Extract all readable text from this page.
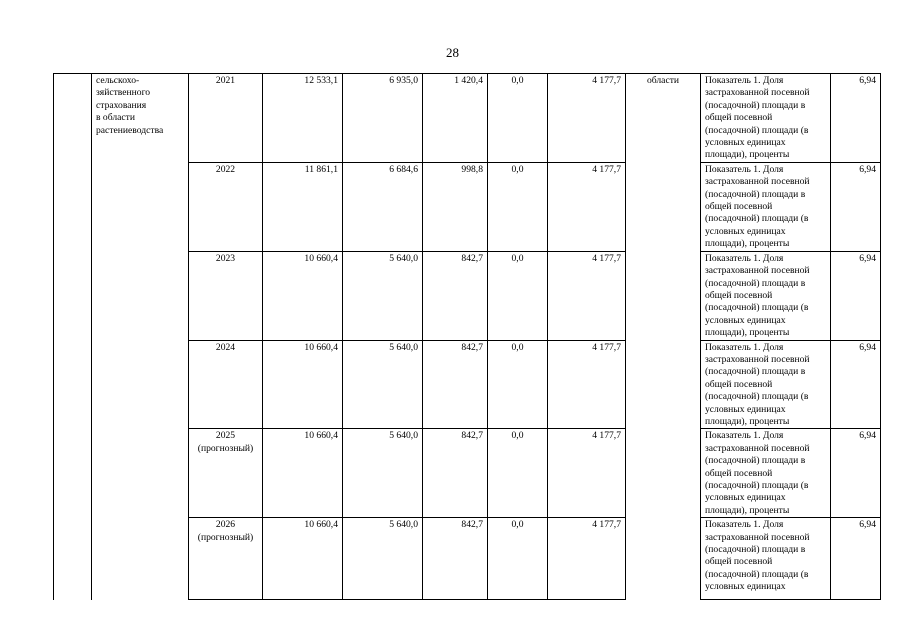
28
	сельскохо-
зяйственного
страхования
в области
растениеводства	2021	12 533,1	6 935,0	1 420,4	0,0	4 177,7	области	Показатель 1. Доля застрахованной посевной (посадочной) площади в общей посевной (посадочной) площади (в условных единицах площади), проценты	6,94

		2022	11 861,1	6 684,6	998,8	0,0	4 177,7		Показатель 1. Доля застрахованной посевной (посадочной) площади в общей посевной (посадочной) площади (в условных единицах площади), проценты	6,94

		2023	10 660,4	5 640,0	842,7	0,0	4 177,7		Показатель 1. Доля застрахованной посевной (посадочной) площади в общей посевной (посадочной) площади (в условных единицах площади), проценты	6,94

		2024	10 660,4	5 640,0	842,7	0,0	4 177,7		Показатель 1. Доля застрахованной посевной (посадочной) площади в общей посевной (посадочной) площади (в условных единицах площади), проценты	6,94

		2025
(прогнозный)	10 660,4	5 640,0	842,7	0,0	4 177,7		Показатель 1. Доля застрахованной посевной (посадочной) площади в общей посевной (посадочной) площади (в условных единицах площади), проценты	6,94

		2026
(прогнозный)	10 660,4	5 640,0	842,7	0,0	4 177,7		Показатель 1. Доля застрахованной посевной (посадочной) площади в общей посевной (посадочной) площади (в условных единицах	6,94
